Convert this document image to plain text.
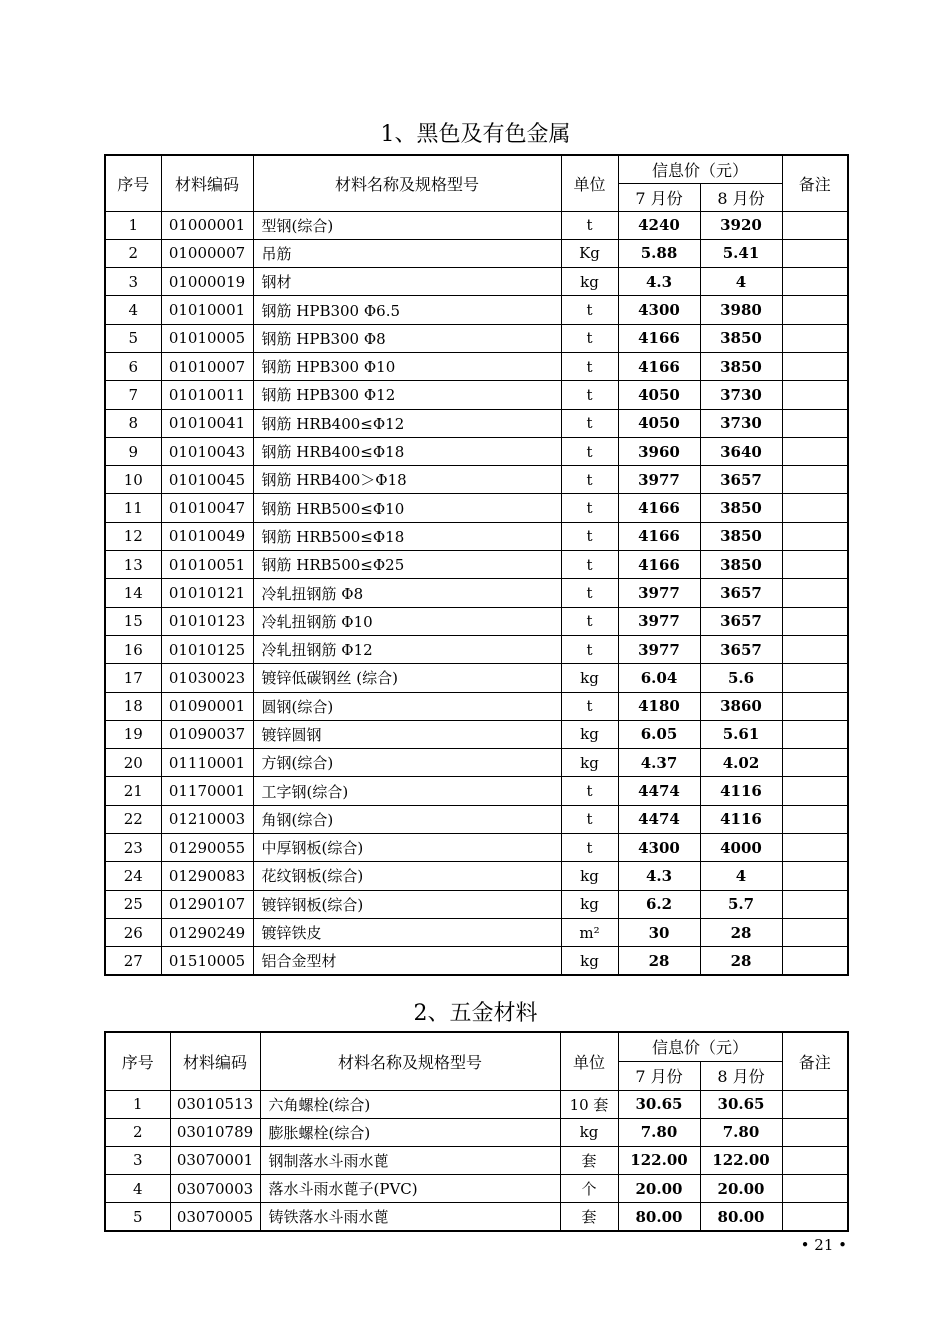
1、黑色及有色金属
序号	材料编码	材料名称及规格型号	单位	信息价（元）		备注
				7 月份	8 月份	
1	01000001	型钢(综合)	t	4240	3920	
2	01000007	吊筋	Kg	5.88	5.41	
3	01000019	钢材	kg	4.3	4	
4	01010001	钢筋 HPB300 Φ6.5	t	4300	3980	
5	01010005	钢筋 HPB300 Φ8	t	4166	3850	
6	01010007	钢筋 HPB300 Φ10	t	4166	3850	
7	01010011	钢筋 HPB300 Φ12	t	4050	3730	
8	01010041	钢筋 HRB400≤Φ12	t	4050	3730	
9	01010043	钢筋 HRB400≤Φ18	t	3960	3640	
10	01010045	钢筋 HRB400＞Φ18	t	3977	3657	
11	01010047	钢筋 HRB500≤Φ10	t	4166	3850	
12	01010049	钢筋 HRB500≤Φ18	t	4166	3850	
13	01010051	钢筋 HRB500≤Φ25	t	4166	3850	
14	01010121	冷轧扭钢筋 Φ8	t	3977	3657	
15	01010123	冷轧扭钢筋 Φ10	t	3977	3657	
16	01010125	冷轧扭钢筋 Φ12	t	3977	3657	
17	01030023	镀锌低碳钢丝 (综合)	kg	6.04	5.6	
18	01090001	圆钢(综合)	t	4180	3860	
19	01090037	镀锌圆钢	kg	6.05	5.61	
20	01110001	方钢(综合)	kg	4.37	4.02	
21	01170001	工字钢(综合)	t	4474	4116	
22	01210003	角钢(综合)	t	4474	4116	
23	01290055	中厚钢板(综合)	t	4300	4000	
24	01290083	花纹钢板(综合)	kg	4.3	4	
25	01290107	镀锌钢板(综合)	kg	6.2	5.7	
26	01290249	镀锌铁皮	m²	30	28	
27	01510005	铝合金型材	kg	28	28	
2、五金材料
序号	材料编码	材料名称及规格型号	单位	信息价（元）		备注
				7 月份	8 月份	
1	03010513	六角螺栓(综合)	10 套	30.65	30.65	
2	03010789	膨胀螺栓(综合)	kg	7.80	7.80	
3	03070001	钢制落水斗雨水蓖	套	122.00	122.00	
4	03070003	落水斗雨水蓖子(PVC)	个	20.00	20.00	
5	03070005	铸铁落水斗雨水蓖	套	80.00	80.00	
• 21 •
